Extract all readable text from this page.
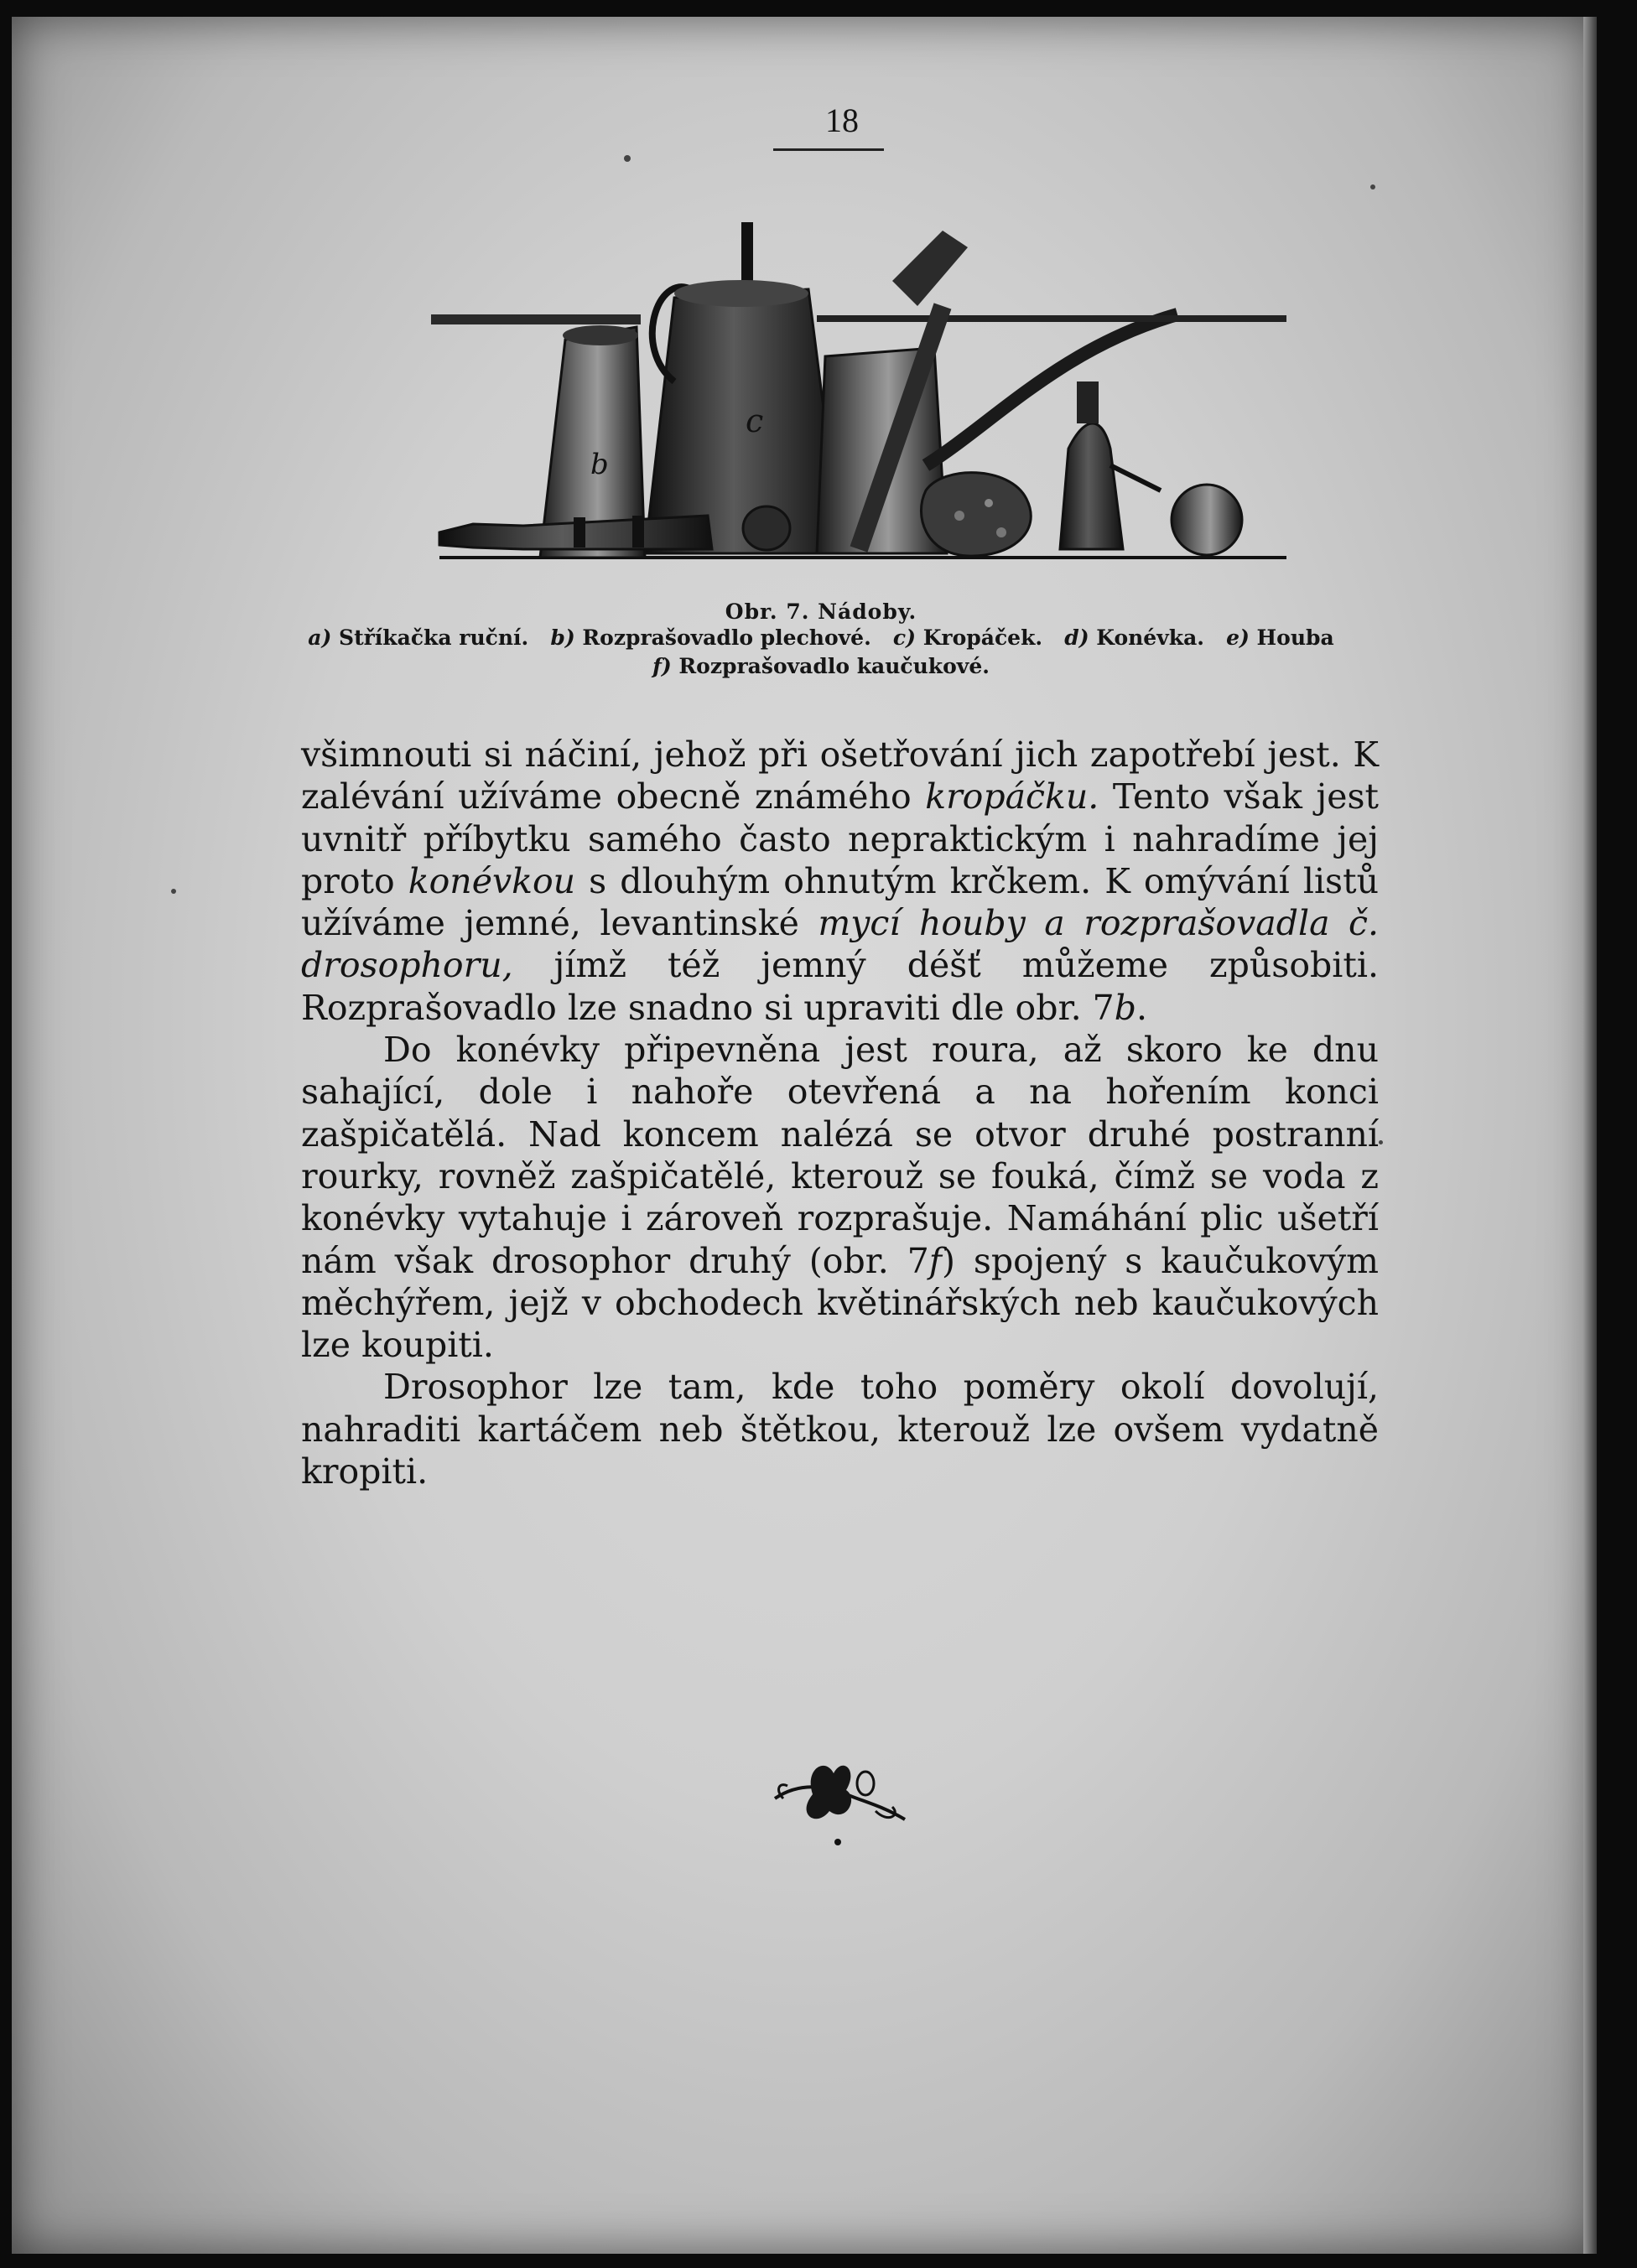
18
b
c
Obr. 7. Nádoby.
a) Stříkačka ruční. b) Rozprašovadlo plechové. c) Kropáček. d) Konévka. e) Houba
f) Rozprašovadlo kaučukové.

všimnouti si náčiní, jehož při ošetřování jich zapotřebí jest. K zalévání užíváme obecně známého kropáčku. Tento však jest uvnitř příbytku samého často nepraktickým i nahradíme jej proto konévkou s dlouhým ohnutým krčkem. K omývání listů užíváme jemné, levantinské mycí houby a rozprašovadla č. drosophoru, jímž též jemný déšť můžeme způsobiti. Rozprašovadlo lze snadno si upraviti dle obr. 7b.

Do konévky připevněna jest roura, až skoro ke dnu sahající, dole i nahoře otevřená a na hořením konci zašpičatělá. Nad koncem nalézá se otvor druhé postranní rourky, rovněž zašpičatělé, kterouž se fouká, čímž se voda z konévky vytahuje i zároveň rozprašuje. Namáhání plic ušetří nám však drosophor druhý (obr. 7f) spojený s kaučukovým měchýřem, jejž v obchodech květinářských neb kaučukových lze koupiti.

Drosophor lze tam, kde toho poměry okolí dovolují, nahraditi kartáčem neb štětkou, kterouž lze ovšem vydatně kropiti.
